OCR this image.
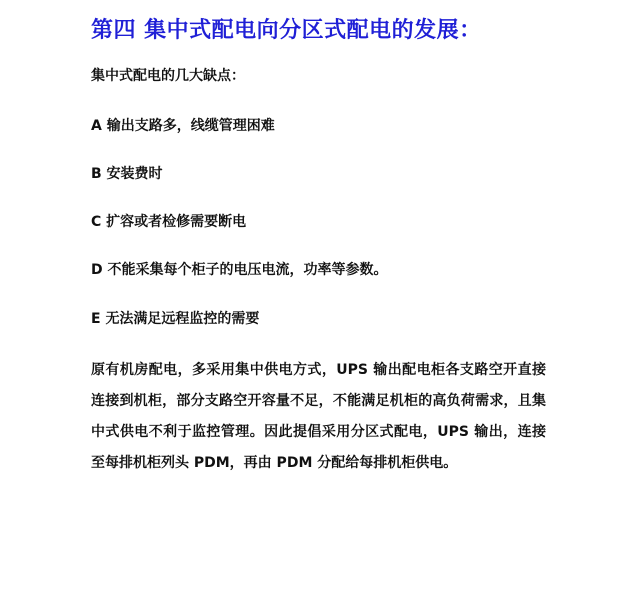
第四 集中式配电向分区式配电的发展：
集中式配电的几大缺点：
A 输出支路多，线缆管理困难
B 安装费时
C 扩容或者检修需要断电
D 不能采集每个柜子的电压电流，功率等参数。
E 无法满足远程监控的需要
原有机房配电，多采用集中供电方式，UPS 输出配电柜各支路空开直接连接到机柜，部分支路空开容量不足，不能满足机柜的高负荷需求，且集中式供电不利于监控管理。因此提倡采用分区式配电，UPS 输出，连接至每排机柜列头 PDM，再由 PDM 分配给每排机柜供电。
